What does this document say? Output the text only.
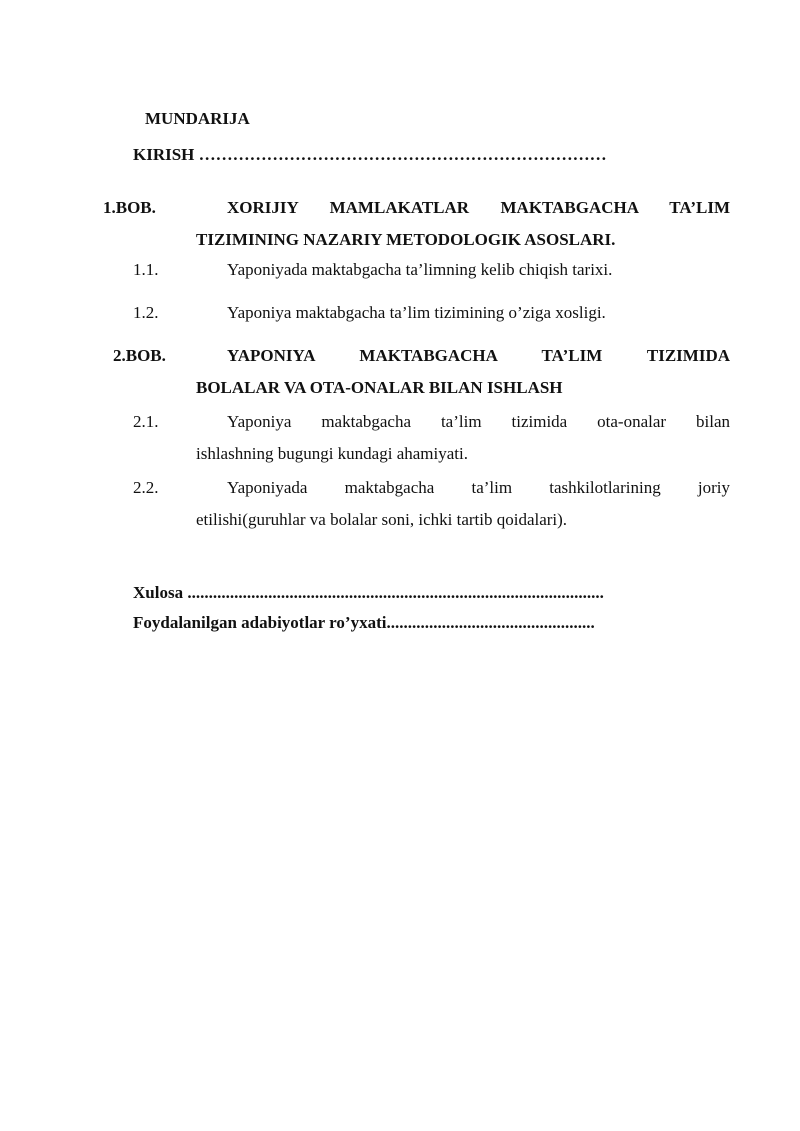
MUNDARIJA
KIRISH ………………………………………………………………
1.BOB.	XORIJIY MAMLAKATLAR MAKTABGACHA TA’LIM
TIZIMINING NAZARIY METODOLOGIK ASOSLARI.
1.1.	Yaponiyada maktabgacha ta’limning kelib chiqish tarixi.
1.2.	Yaponiya maktabgacha ta’lim tizimining o’ziga xosligi.
2.BOB.	YAPONIYA MAKTABGACHA TA’LIM TIZIMIDA
BOLALAR VA OTA-ONALAR BILAN ISHLASH
2.1.	Yaponiya maktabgacha ta’lim tizimida ota-onalar bilan
ishlashning bugungi kundagi ahamiyati.
2.2.	Yaponiyada maktabgacha ta’lim tashkilotlarining joriy
etilishi(guruhlar va bolalar soni, ichki tartib qoidalari).
Xulosa ..................................................................................................
Foydalanilgan adabiyotlar ro’yxati.................................................
